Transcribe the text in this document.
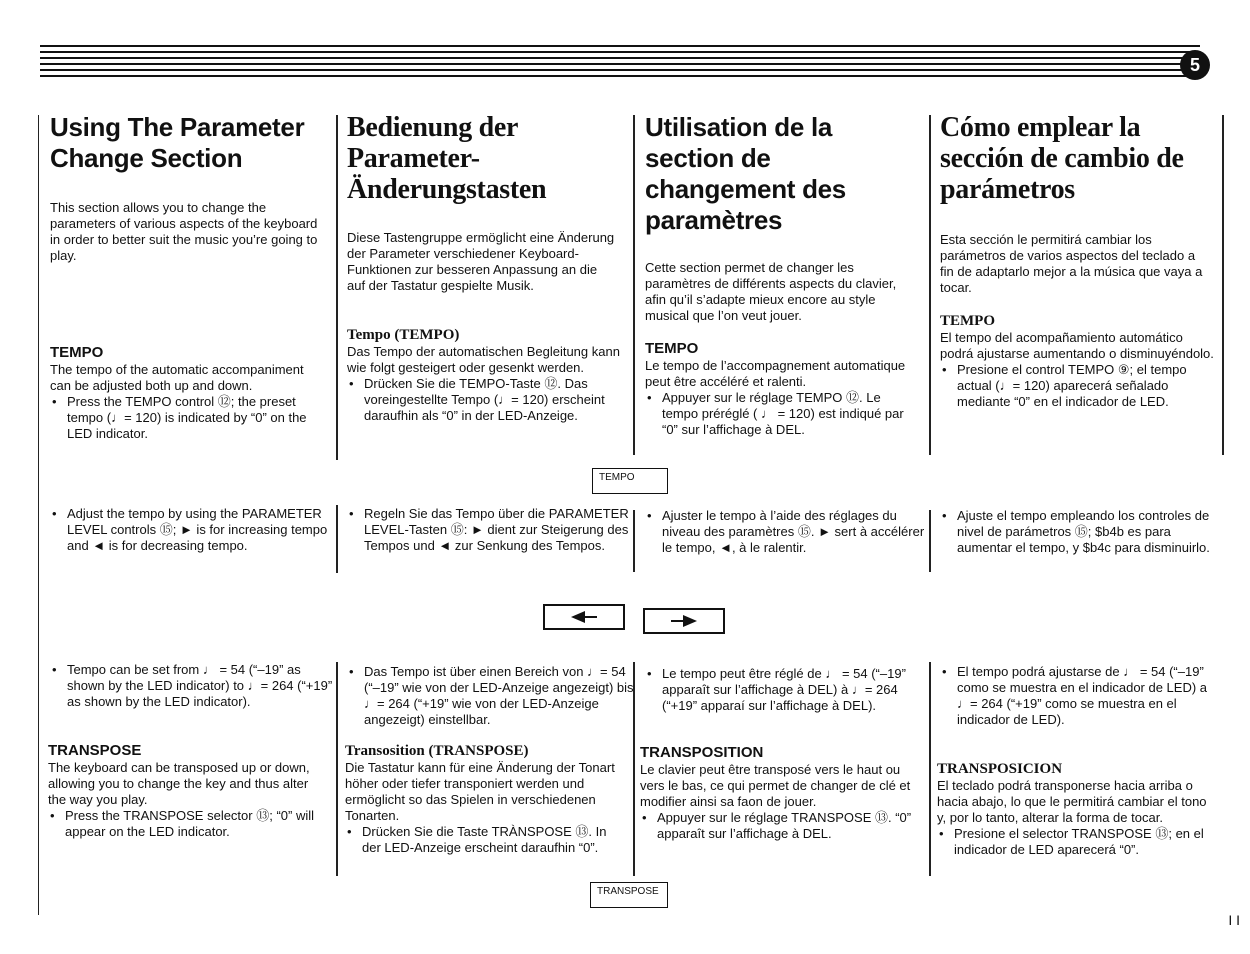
5
Using The Parameter Change Section

This section allows you to change the parameters of various aspects of the keyboard in order to better suit the music you’re going to play.

TEMPO

The tempo of the automatic accompaniment can be adjusted both up and down.

• Press the TEMPO control ⑫; the preset tempo (♩= 120) is indicated by “0” on the LED indicator.

• Adjust the tempo by using the PARAMETER LEVEL controls ⑮; ► is for increasing tempo and ◄ is for decreasing tempo.

• Tempo can be set from ♩ = 54 (“–19” as shown by the LED indicator) to ♩= 264 (“+19” as shown by the LED indicator).

TRANSPOSE

The keyboard can be transposed up or down, allowing you to change the key and thus alter the way you play.

• Press the TRANSPOSE selector ⑬; “0” will appear on the LED indicator.

Bedienung der Parameter-Änderungstasten

Diese Tastengruppe ermöglicht eine Änderung der Parameter verschiedener Keyboard-Funktionen zur besseren Anpassung an die auf der Tastatur gespielte Musik.

Tempo (TEMPO)

Das Tempo der automatischen Begleitung kann wie folgt gesteigert oder gesenkt werden.

• Drücken Sie die TEMPO-Taste ⑫. Das voreingestellte Tempo (♩= 120) erscheint daraufhin als “0” in der LED-Anzeige.

• Regeln Sie das Tempo über die PARAMETER LEVEL-Tasten ⑮: ► dient zur Steigerung des Tempos und ◄ zur Senkung des Tempos.

• Das Tempo ist über einen Bereich von ♩= 54 (“–19” wie von der LED-Anzeige angezeigt) bis ♩= 264 (“+19” wie von der LED-Anzeige angezeigt) einstellbar.

Transosition (TRANSPOSE)

Die Tastatur kann für eine Änderung der Tonart höher oder tiefer transponiert werden und ermöglicht so das Spielen in verschiedenen Tonarten.

• Drücken Sie die Taste TRÀNSPOSE ⑬. In der LED-Anzeige erscheint daraufhin “0”.

Utilisation de la section de changement des paramètres

Cette section permet de changer les paramètres de différents aspects du clavier, afin qu’il s’adapte mieux encore au style musical que l’on veut jouer.

TEMPO

Le tempo de l’accompagnement automatique peut être accéléré et ralenti.

• Appuyer sur le réglage TEMPO ⑫. Le tempo préréglé ( ♩ = 120) est indiqué par “0” sur l’affichage à DEL.

• Ajuster le tempo à l’aide des réglages du niveau des paramètres ⑮. ► sert à accélérer le tempo, ◄, à le ralentir.

• Le tempo peut être réglé de ♩ = 54 (“–19” apparaît sur l’affichage à DEL) à ♩= 264 (“+19” apparaí sur l’affichage à DEL).

TRANSPOSITION

Le clavier peut être transposé vers le haut ou vers le bas, ce qui permet de changer de clé et modifier ainsi sa faon de jouer.

• Appuyer sur le réglage TRANSPOSE ⑬. “0” apparaît sur l’affichage à DEL.

Cómo emplear la sección de cambio de parámetros

Esta sección le permitirá cambiar los parámetros de varios aspectos del teclado a fin de adaptarlo mejor a la música que vaya a tocar.

TEMPO

El tempo del acompañamiento automático podrá ajustarse aumentando o disminuyéndolo.

• Presione el control TEMPO ⑨; el tempo actual (♩= 120) aparecerá señalado mediante “0” en el indicador de LED.

• Ajuste el tempo empleando los controles de nivel de parámetros ⑮; $b4b es para aumentar el tempo, y $b4c para disminuirlo.

• El tempo podrá ajustarse de ♩ = 54 (“–19” como se muestra en el indicador de LED) a ♩= 264 (“+19” como se muestra en el indicador de LED).

TRANSPOSICION

El teclado podrá transponerse hacia arriba o hacia abajo, lo que le permitirá cambiar el tono y, por lo tanto, alterar la forma de tocar.

• Presione el selector TRANSPOSE ⑬; en el indicador de LED aparecerá “0”.

TEMPO
TRANSPOSE
I I
